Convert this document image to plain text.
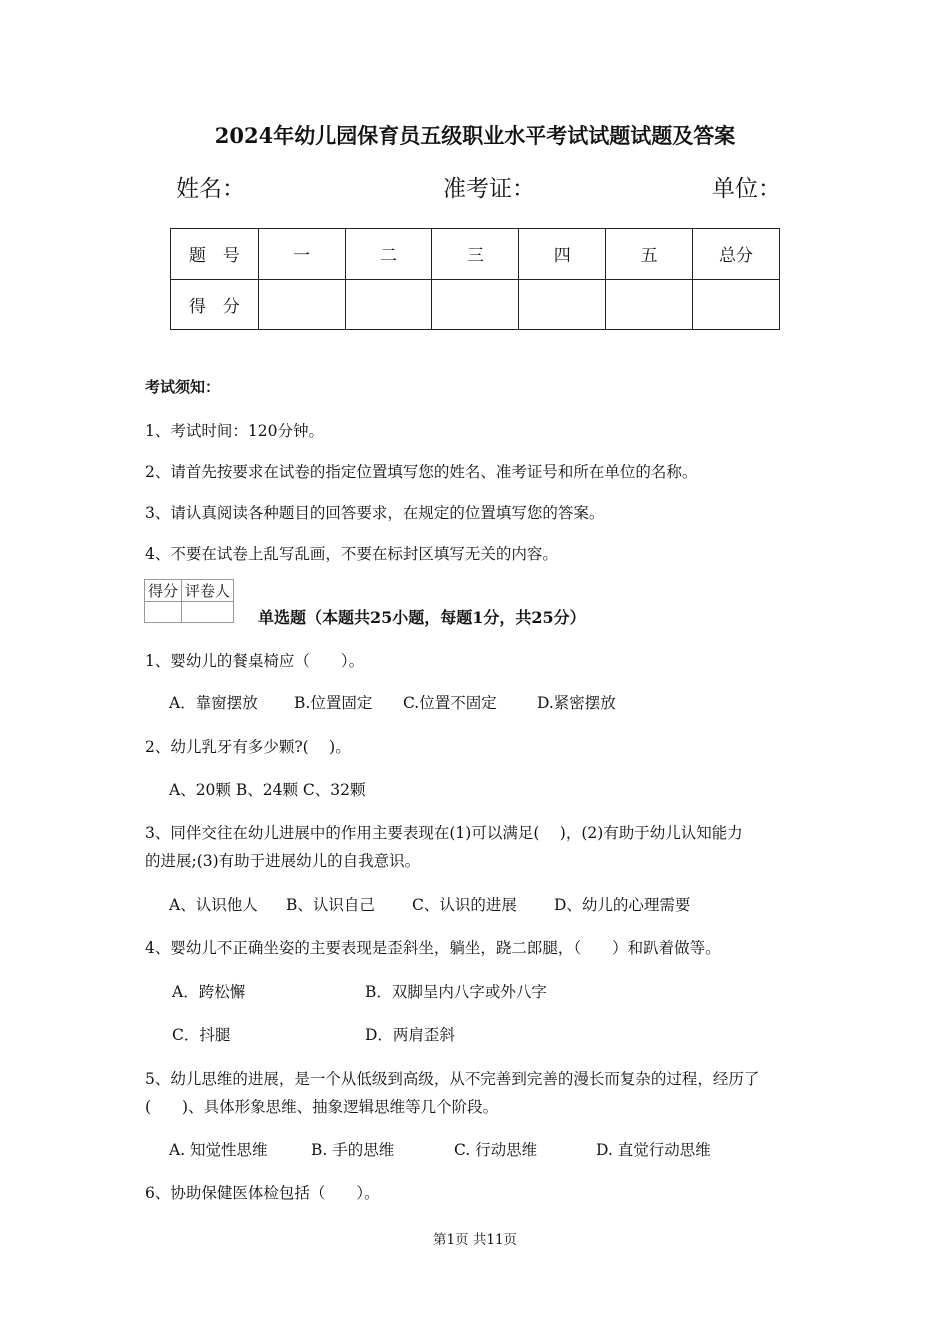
2024年幼儿园保育员五级职业水平考试试题试题及答案
姓名：	准考证：	单位：
题　号	一	二	三	四	五	总分
得　分						
考试须知：
1、考试时间：120分钟。
2、请首先按要求在试卷的指定位置填写您的姓名、准考证号和所在单位的名称。
3、请认真阅读各种题目的回答要求，在规定的位置填写您的答案。
4、不要在试卷上乱写乱画，不要在标封区填写无关的内容。
得分	评卷人

单选题（本题共25小题，每题1分，共25分）
1、婴幼儿的餐桌椅应（　　）。
A．靠窗摆放 B.位置固定 C.位置不固定	D.紧密摆放
2、幼儿乳牙有多少颗?(　 )。
A、20颗 B、24颗 C、32颗
3、同伴交往在幼儿进展中的作用主要表现在(1)可以满足(　 )，(2)有助于幼儿认知能力
的进展;(3)有助于进展幼儿的自我意识。
A、认识他人 B、认识自己 C、认识的进展 D、幼儿的心理需要
4、婴幼儿不正确坐姿的主要表现是歪斜坐，躺坐，跷二郎腿，（　　）和趴着做等。
A．跨松懈	B．双脚呈内八字或外八字
C．抖腿	D．两肩歪斜
5、幼儿思维的进展，是一个从低级到高级，从不完善到完善的漫长而复杂的过程，经历了
(　　)、具体形象思维、抽象逻辑思维等几个阶段。
A. 知觉性思维	B. 手的思维	C. 行动思维	D. 直觉行动思维
6、协助保健医体检包括（　　）。
第1页 共11页
